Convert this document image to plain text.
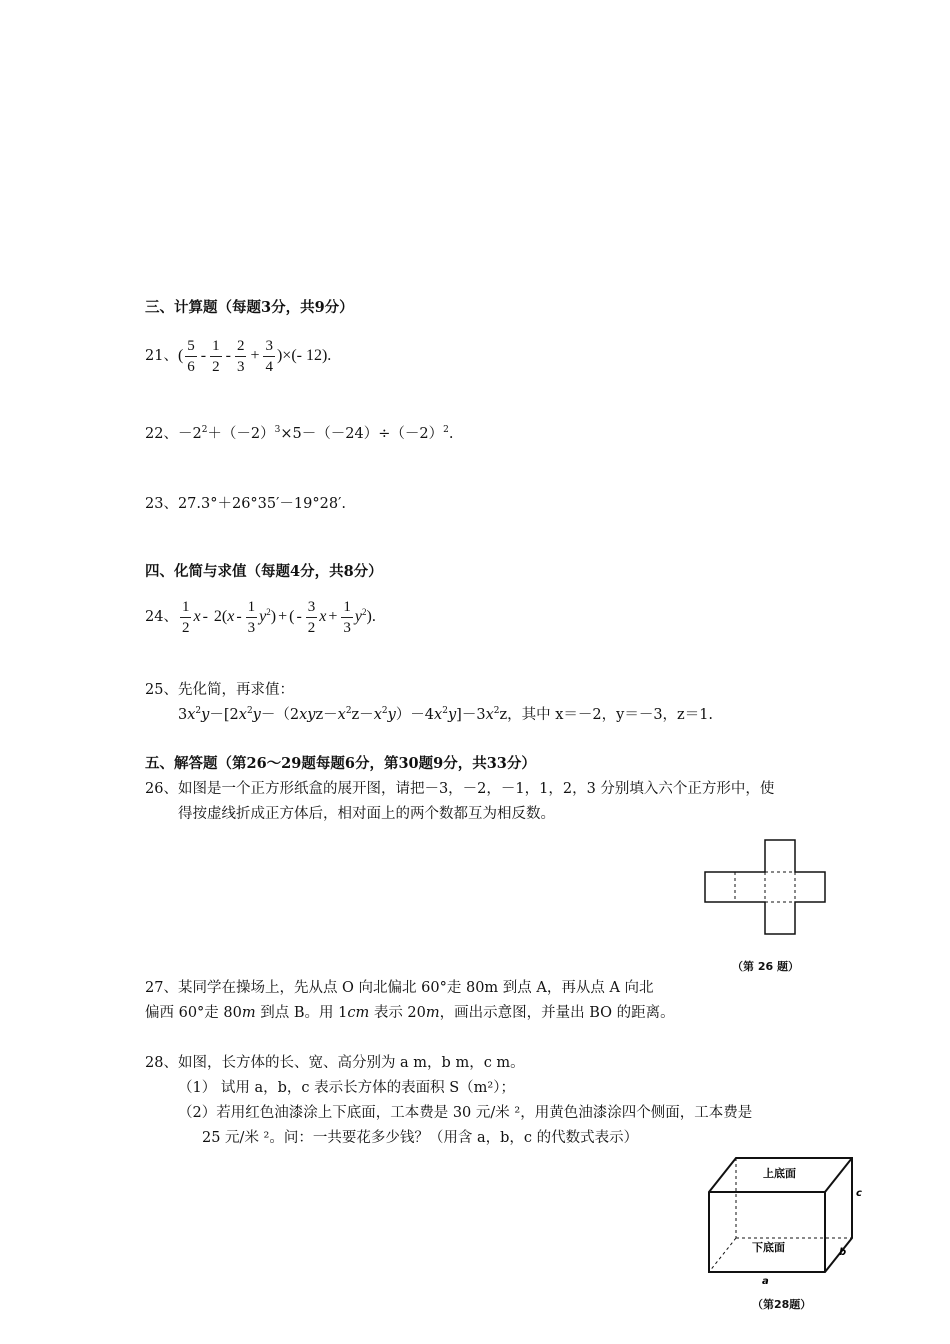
三、计算题（每题3分，共9分）
21、( $\frac{5}{6} - \frac{1}{2} - \frac{2}{3} + \frac{3}{4}$ )×(- 12).
22、$-2^2+(-2)^3\times 5-(-24)\div(-2)^2$.
23、27.3°＋26°35′－19°28′.
四、化简与求值（每题4分，共8分）
24、 $\frac{1}{2}$ x - $2(x - \frac{1}{3} y^2)$ + ( - $\frac{3}{2}$ $x + \frac{1}{3} y^2$).
25、先化简，再求值：
$3x^2y-[2x^2y-(2xyz-x^2z-x^2y)-4x^2y]-3x^2z$，其中 x＝－2，y＝－3，z＝1.
五、解答题（第26～29题每题6分，第30题9分，共33分）
26、如图是一个正方形纸盒的展开图，请把－3，－2，－1，1，2，3 分别填入六个正方形中，使
得按虚线折成正方体后，相对面上的两个数都互为相反数。
（第 26 题）
27、某同学在操场上，先从点 O 向北偏北 60°走 80m 到点 A，再从点 A 向北
偏西 60°走 80m 到点 B。用 1cm 表示 20m，画出示意图，并量出 BO 的距离。
28、如图，长方体的长、宽、高分别为 a m，b m，c m。
（1） 试用 a，b，c 表示长方体的表面积 S（m²）；
（2）若用红色油漆涂上下底面，工本费是 30 元/米 ²，用黄色油漆涂四个侧面，工本费是
25 元/米 ²。问：一共要花多少钱？（用含 a，b，c 的代数式表示）
上底面
下底面
a
b
c
（第28题）
